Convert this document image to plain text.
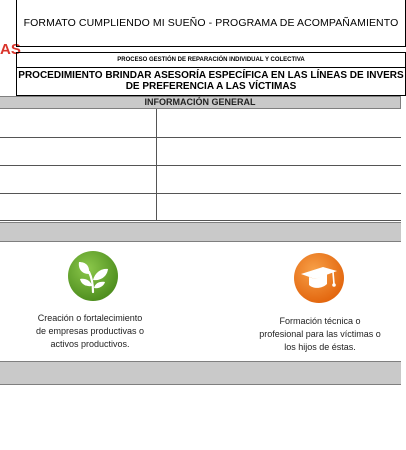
AS
FORMATO CUMPLIENDO MI SUEÑO - PROGRAMA DE ACOMPAÑAMIENTO
PROCESO GESTIÓN DE REPARACIÓN INDIVIDUAL Y COLECTIVA
PROCEDIMIENTO BRINDAR ASESORÍA ESPECÍFICA EN LAS LÍNEAS DE INVERS
DE PREFERENCIA A LAS VÍCTIMAS
INFORMACIÓN GENERAL
Creación o fortalecimiento
de empresas productivas o
activos productivos.
Formación técnica o
profesional para las víctimas o
los hijos de éstas.
